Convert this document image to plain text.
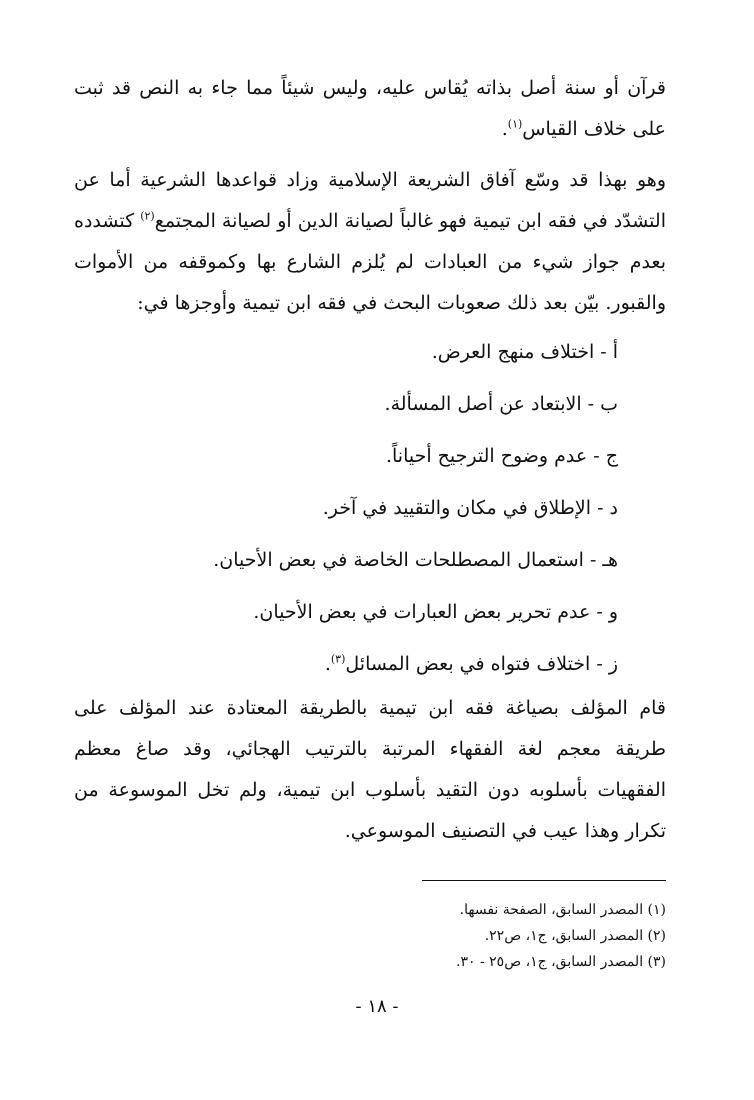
قرآن أو سنة أصل بذاته يُقاس عليه، وليس شيئاً مما جاء به النص قد ثبت على خلاف القياس$^{(١)}$.

وهو بهذا قد وسّع آفاق الشريعة الإسلامية وزاد قواعدها الشرعية أما عن التشدّد في فقه ابن تيمية فهو غالباً لصيانة الدين أو لصيانة المجتمع$^{(٢)}$ كتشدده بعدم جواز شيء من العبادات لم يُلزم الشارع بها وكموقفه من الأموات والقبور. بيّن بعد ذلك صعوبات البحث في فقه ابن تيمية وأوجزها في:

أ - اختلاف منهج العرض.
ب - الابتعاد عن أصل المسألة.
ج - عدم وضوح الترجيح أحياناً.
د - الإطلاق في مكان والتقييد في آخر.
هـ - استعمال المصطلحات الخاصة في بعض الأحيان.
و - عدم تحرير بعض العبارات في بعض الأحيان.
ز - اختلاف فتواه في بعض المسائل$^{(٣)}$.

قام المؤلف بصياغة فقه ابن تيمية بالطريقة المعتادة عند المؤلف على طريقة معجم لغة الفقهاء المرتبة بالترتيب الهجائي، وقد صاغ معظم الفقهيات بأسلوبه دون التقيد بأسلوب ابن تيمية، ولم تخل الموسوعة من تكرار وهذا عيب في التصنيف الموسوعي.

(١) المصدر السابق، الصفحة نفسها.
(٢) المصدر السابق، ج١، ص٢٢.
(٣) المصدر السابق، ج١، ص٢٥ - ٣٠.
- ١٨ -
